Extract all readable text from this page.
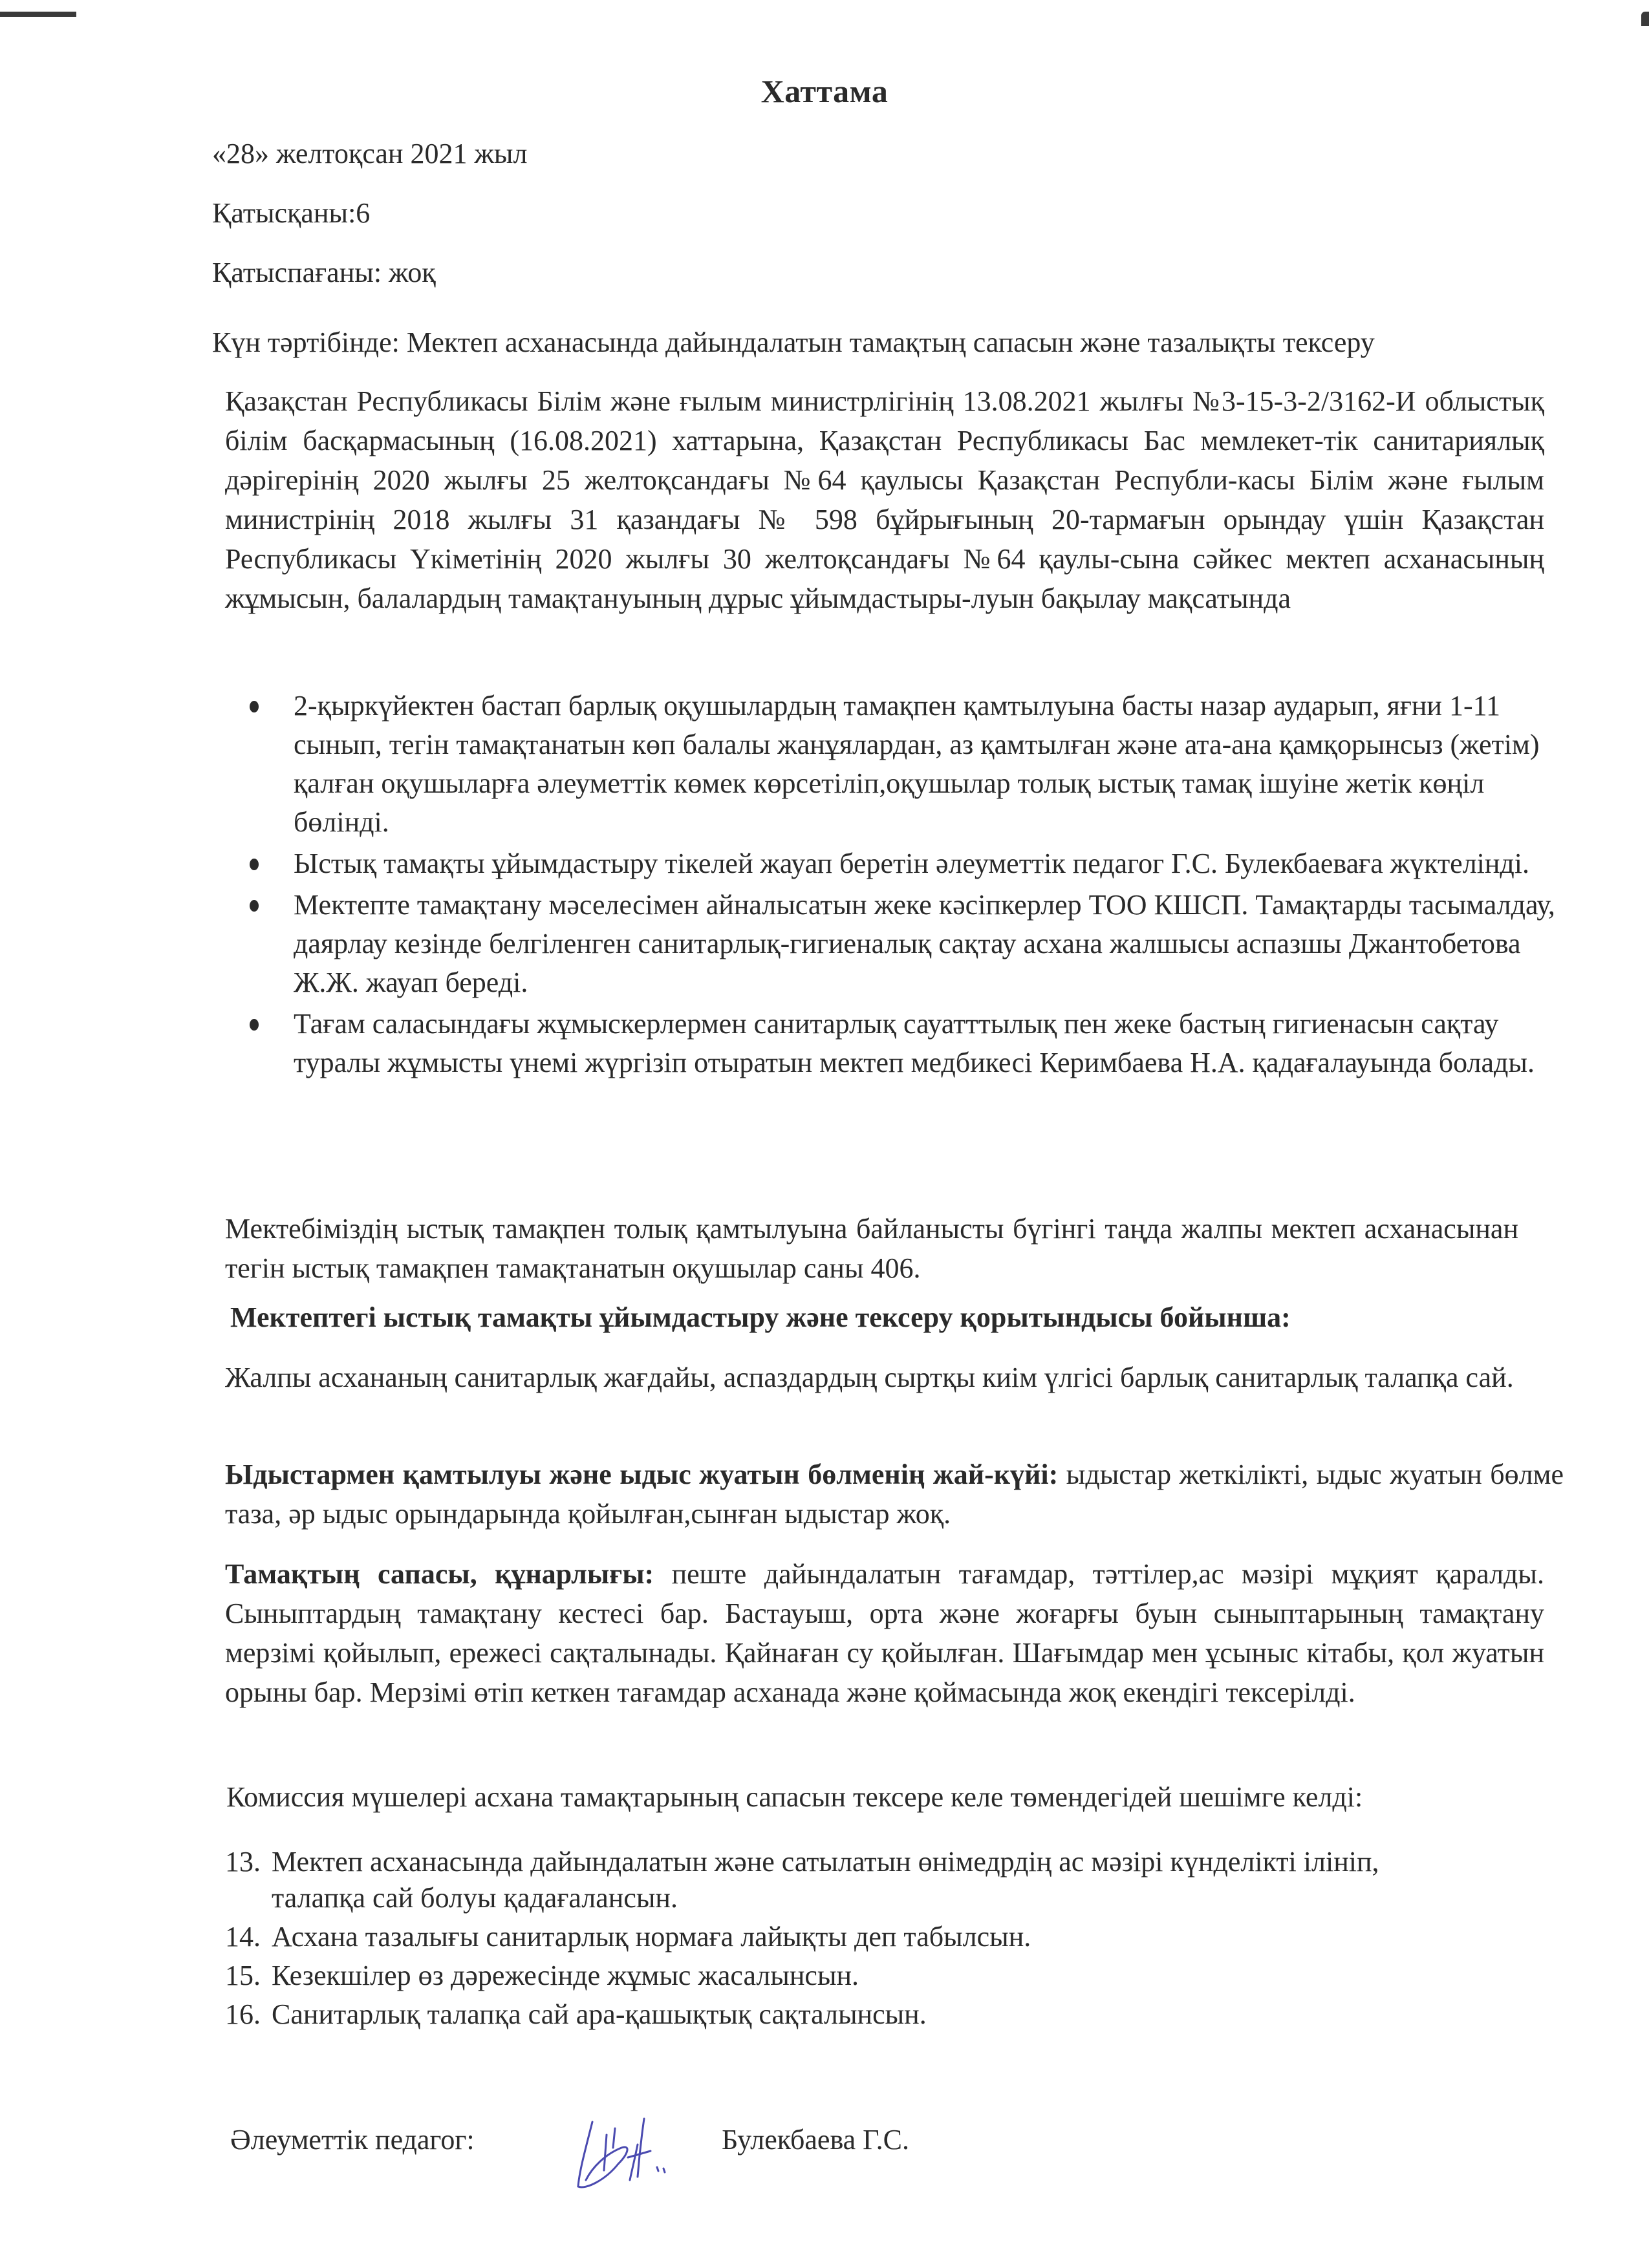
Хаттама
«28» желтоқсан 2021 жыл
Қатысқаны:6
Қатыспағаны: жоқ
Күн тәртібінде: Мектеп асханасында дайындалатын тамақтың сапасын және тазалықты тексеру
Қазақстан Республикасы Білім және ғылым министрлігінің 13.08.2021 жылғы №3-15-3-2/3162-И облыстық білім басқармасының (16.08.2021) хаттарына, Қазақстан Республикасы Бас мемлекет-тік санитариялық дәрігерінің 2020 жылғы 25 желтоқсандағы №64 қаулысы Қазақстан Республи-касы Білім және ғылым министрінің 2018 жылғы 31 қазандағы № 598 бұйрығының 20-тармағын орындау үшін Қазақстан Республикасы Үкіметінің 2020 жылғы 30 желтоқсандағы №64 қаулы-сына сәйкес мектеп асханасының жұмысын, балалардың тамақтануының дұрыс ұйымдастыры-луын бақылау мақсатында
2-қыркүйектен бастап барлық оқушылардың тамақпен қамтылуына басты назар аударып, яғни 1-11 сынып, тегін тамақтанатын көп балалы жанұялардан, аз қамтылған және ата-ана қамқорынсыз (жетім) қалған оқушыларға әлеуметтік көмек көрсетіліп,оқушылар толық ыстық тамақ ішуіне жетік көңіл бөлінді.
Ыстық тамақты ұйымдастыру тікелей жауап беретін әлеуметтік педагог Г.С. Булекбаеваға жүктелінді.
Мектепте тамақтану мәселесімен айналысатын жеке кәсіпкерлер ТОО КШСП. Тамақтарды тасымалдау, даярлау кезінде белгіленген санитарлық-гигиеналық сақтау асхана жалшысы аспазшы Джантобетова Ж.Ж. жауап береді.
Тағам саласындағы жұмыскерлермен санитарлық сауатттылық пен жеке бастың гигиенасын сақтау туралы жұмысты үнемі жүргізіп отыратын мектеп медбикесі Керимбаева Н.А. қадағалауында болады.
Мектебіміздің ыстық тамақпен толық қамтылуына байланысты бүгінгі таңда жалпы мектеп асханасынан тегін ыстық тамақпен тамақтанатын оқушылар саны 406.
Мектептегі ыстық тамақты ұйымдастыру және тексеру қорытындысы бойынша:
Жалпы асхананың санитарлық жағдайы, аспаздардың сыртқы киім үлгісі барлық санитарлық талапқа сай.
Ыдыстармен қамтылуы және ыдыс жуатын бөлменің жай-күйі: ыдыстар жеткілікті, ыдыс жуатын бөлме таза, әр ыдыс орындарында қойылған,сынған ыдыстар жоқ.
Тамақтың сапасы, құнарлығы: пеште дайындалатын тағамдар, тәттілер,ас мәзірі мұқият қаралды. Сыныптардың тамақтану кестесі бар. Бастауыш, орта және жоғарғы буын сыныптарының тамақтану мерзімі қойылып, ережесі сақталынады. Қайнаған су қойылған. Шағымдар мен ұсыныс кітабы, қол жуатын орыны бар. Мерзімі өтіп кеткен тағамдар асханада және қоймасында жоқ екендігі тексерілді.
Комиссия мүшелері асхана тамақтарының сапасын тексере келе төмендегідей шешімге келді:
13. Мектеп асханасында дайындалатын және сатылатын өнімедрдің ас мәзірі күнделікті ілініп, талапқа сай болуы қадағалансын.
14. Асхана тазалығы санитарлық нормаға лайықты деп табылсын.
15. Кезекшілер өз дәрежесінде жұмыс жасалынсын.
16. Санитарлық талапқа сай ара-қашықтық сақталынсын.
Әлеуметтік педагог:	Булекбаева Г.С.
